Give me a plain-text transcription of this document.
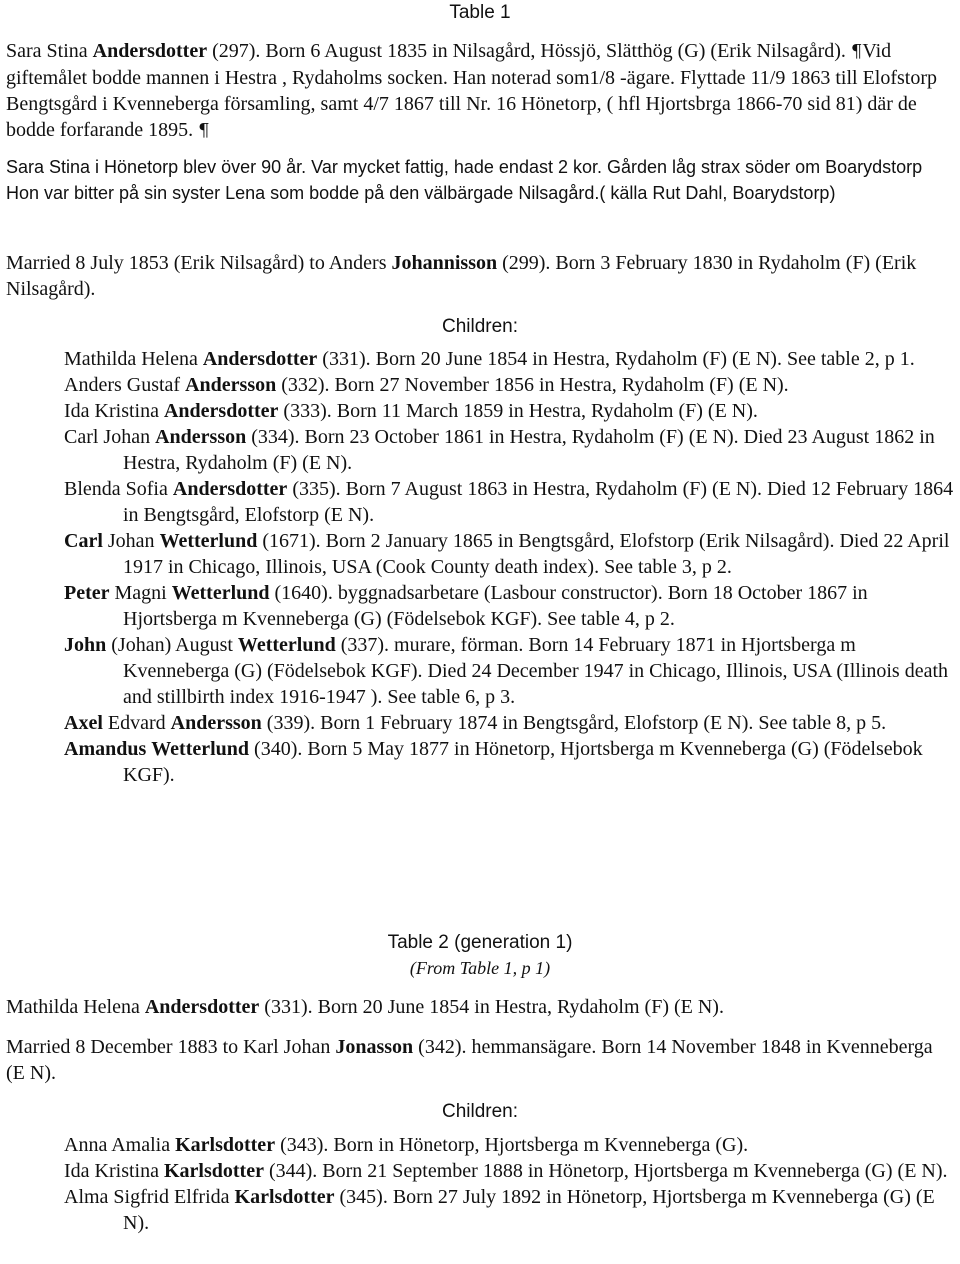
Table 1
Sara Stina Andersdotter (297). Born 6 August 1835 in Nilsagård, Hössjö, Slätthög (G) (Erik Nilsagård). ¶Vid giftemålet bodde mannen i Hestra , Rydaholms socken. Han noterad som1/8 -ägare. Flyttade 11/9 1863 till Elofstorp Bengtsgård i Kvenneberga församling, samt 4/7 1867 till Nr. 16 Hönetorp, ( hfl Hjortsbrga 1866-70 sid 81) där de bodde forfarande 1895. ¶
Sara Stina i Hönetorp blev över 90 år. Var mycket fattig, hade endast 2 kor. Gården låg strax söder om Boarydstorp Hon var bitter på sin syster Lena som bodde på den välbärgade Nilsagård.( källa Rut Dahl, Boarydstorp)
Married 8 July 1853 (Erik Nilsagård) to Anders Johannisson (299). Born 3 February 1830 in Rydaholm (F) (Erik Nilsagård).
Children:

Mathilda Helena Andersdotter (331). Born 20 June 1854 in Hestra, Rydaholm (F) (E N). See table 2, p 1.

Anders Gustaf Andersson (332). Born 27 November 1856 in Hestra, Rydaholm (F) (E N).

Ida Kristina Andersdotter (333). Born 11 March 1859 in Hestra, Rydaholm (F) (E N).

Carl Johan Andersson (334). Born 23 October 1861 in Hestra, Rydaholm (F) (E N). Died 23 August 1862 in Hestra, Rydaholm (F) (E N).

Blenda Sofia Andersdotter (335). Born 7 August 1863 in Hestra, Rydaholm (F) (E N). Died 12 February 1864 in Bengtsgård, Elofstorp (E N).

Carl Johan Wetterlund (1671). Born 2 January 1865 in Bengtsgård, Elofstorp (Erik Nilsagård). Died 22 April 1917 in Chicago, Illinois, USA (Cook County death index). See table 3, p 2.

Peter Magni Wetterlund (1640). byggnadsarbetare (Lasbour constructor). Born 18 October 1867 in Hjortsberga m Kvenneberga (G) (Födelsebok KGF). See table 4, p 2.

John (Johan) August Wetterlund (337). murare, förman. Born 14 February 1871 in Hjortsberga m Kvenneberga (G) (Födelsebok KGF). Died 24 December 1947 in Chicago, Illinois, USA (Illinois death and stillbirth index 1916-1947 ). See table 6, p 3.

Axel Edvard Andersson (339). Born 1 February 1874 in Bengtsgård, Elofstorp (E N). See table 8, p 5.

Amandus Wetterlund (340). Born 5 May 1877 in Hönetorp, Hjortsberga m Kvenneberga (G) (Födelsebok KGF).

Table 2 (generation 1)
(From Table 1, p 1)
Mathilda Helena Andersdotter (331). Born 20 June 1854 in Hestra, Rydaholm (F) (E N).
Married 8 December 1883 to Karl Johan Jonasson (342). hemmansägare. Born 14 November 1848 in Kvenneberga (E N).
Children:

Anna Amalia Karlsdotter (343). Born in Hönetorp, Hjortsberga m Kvenneberga (G).

Ida Kristina Karlsdotter (344). Born 21 September 1888 in Hönetorp, Hjortsberga m Kvenneberga (G) (E N).

Alma Sigfrid Elfrida Karlsdotter (345). Born 27 July 1892 in Hönetorp, Hjortsberga m Kvenneberga (G) (E N).
